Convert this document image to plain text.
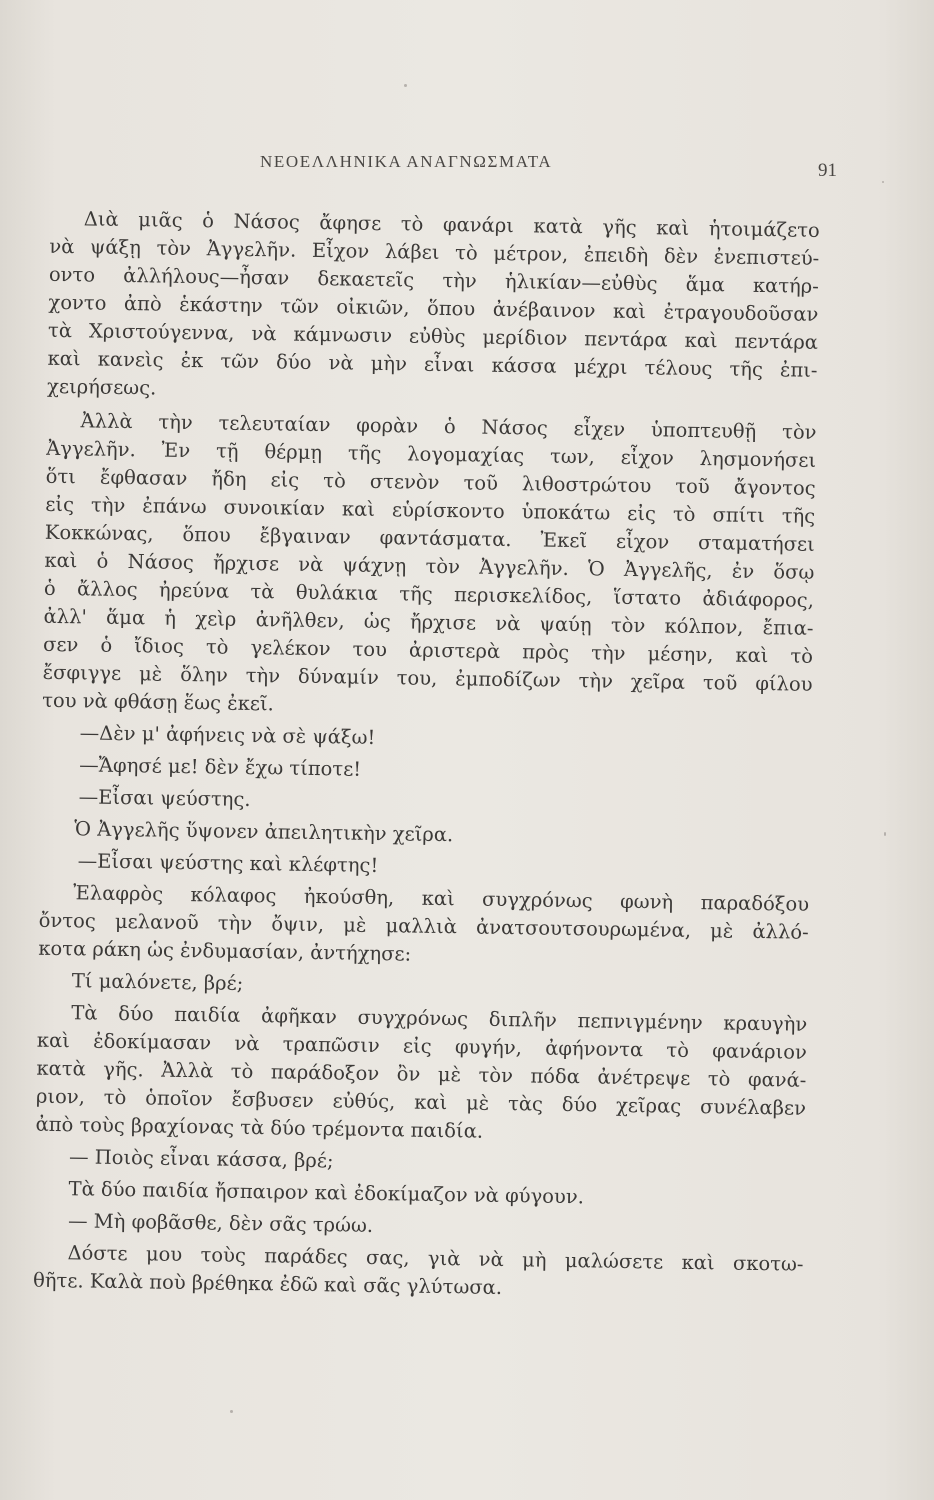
ΝΕΟΕΛΛΗΝΙΚΑ ΑΝΑΓΝΩΣΜΑΤΑ	91
Διὰ μιᾶς ὁ Νάσος ἄφησε τὸ φανάρι κατὰ γῆς καὶ ἡτοιμάζετο
νὰ ψάξῃ τὸν Ἀγγελῆν. Εἶχον λάβει τὸ μέτρον, ἐπειδὴ δὲν ἐνεπιστεύ-
οντο ἀλλήλους—ἦσαν δεκαετεῖς τὴν ἡλικίαν—εὐθὺς ἅμα κατήρ-
χοντο ἀπὸ ἑκάστην τῶν οἰκιῶν, ὅπου ἀνέβαινον καὶ ἐτραγουδοῦσαν
τὰ Χριστούγεννα, νὰ κάμνωσιν εὐθὺς μερίδιον πεντάρα καὶ πεντάρα
καὶ κανεὶς ἐκ τῶν δύο νὰ μὴν εἶναι κάσσα μέχρι τέλους τῆς ἐπι-
χειρήσεως.
Ἀλλὰ τὴν τελευταίαν φορὰν ὁ Νάσος εἶχεν ὑποπτευθῇ τὸν
Ἀγγελῆν. Ἐν τῇ θέρμῃ τῆς λογομαχίας των, εἶχον λησμονήσει
ὅτι ἔφθασαν ἤδη εἰς τὸ στενὸν τοῦ λιθοστρώτου τοῦ ἄγοντος
εἰς τὴν ἐπάνω συνοικίαν καὶ εὑρίσκοντο ὑποκάτω εἰς τὸ σπίτι τῆς
Κοκκώνας, ὅπου ἔβγαιναν φαντάσματα. Ἐκεῖ εἶχον σταματήσει
καὶ ὁ Νάσος ἤρχισε νὰ ψάχνῃ τὸν Ἀγγελῆν. Ὁ Ἀγγελῆς, ἐν ὅσῳ
ὁ ἄλλος ἠρεύνα τὰ θυλάκια τῆς περισκελίδος, ἵστατο ἀδιάφορος,
ἀλλ' ἅμα ἡ χεὶρ ἀνῆλθεν, ὡς ἤρχισε νὰ ψαύῃ τὸν κόλπον, ἔπια-
σεν ὁ ἴδιος τὸ γελέκον του ἀριστερὰ πρὸς τὴν μέσην, καὶ τὸ
ἔσφιγγε μὲ ὅλην τὴν δύναμίν του, ἐμποδίζων τὴν χεῖρα τοῦ φίλου
του νὰ φθάσῃ ἕως ἐκεῖ.
—Δὲν μ' ἀφήνεις νὰ σὲ ψάξω!
—Ἄφησέ με! δὲν ἔχω τίποτε!
—Εἶσαι ψεύστης.
Ὁ Ἀγγελῆς ὕψονεν ἀπειλητικὴν χεῖρα.
—Εἶσαι ψεύστης καὶ κλέφτης!
Ἐλαφρὸς κόλαφος ἠκούσθη, καὶ συγχρόνως φωνὴ παραδόξου
ὄντος μελανοῦ τὴν ὄψιν, μὲ μαλλιὰ ἀνατσουτσουρωμένα, μὲ ἀλλό-
κοτα ράκη ὡς ἐνδυμασίαν, ἀντήχησε:
Τί μαλόνετε, βρέ;
Τὰ δύο παιδία ἀφῆκαν συγχρόνως διπλῆν πεπνιγμένην κραυγὴν
καὶ ἐδοκίμασαν νὰ τραπῶσιν εἰς φυγήν, ἀφήνοντα τὸ φανάριον
κατὰ γῆς. Ἀλλὰ τὸ παράδοξον ὂν μὲ τὸν πόδα ἀνέτρεψε τὸ φανά-
ριον, τὸ ὁποῖον ἔσβυσεν εὐθύς, καὶ μὲ τὰς δύο χεῖρας συνέλαβεν
ἀπὸ τοὺς βραχίονας τὰ δύο τρέμοντα παιδία.
— Ποιὸς εἶναι κάσσα, βρέ;
Τὰ δύο παιδία ἤσπαιρον καὶ ἐδοκίμαζον νὰ φύγουν.
— Μὴ φοβᾶσθε, δὲν σᾶς τρώω.
Δόστε μου τοὺς παράδες σας, γιὰ νὰ μὴ μαλώσετε καὶ σκοτω-
θῆτε. Καλὰ ποὺ βρέθηκα ἐδῶ καὶ σᾶς γλύτωσα.
